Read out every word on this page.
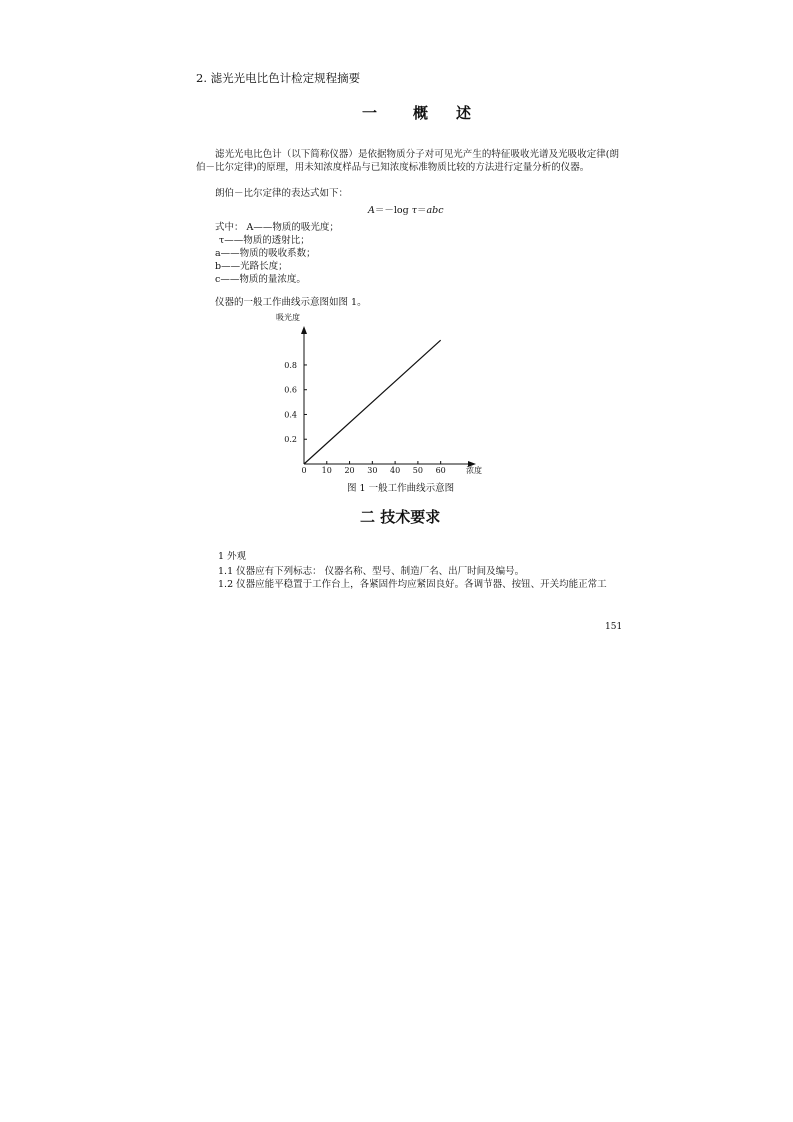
2. 滤光光电比色计检定规程摘要
一 概 述
滤光光电比色计（以下简称仪器）是依据物质分子对可见光产生的特征吸收光谱及光吸收定律(朗伯－比尔定律)的原理，用未知浓度样品与已知浓度标准物质比较的方法进行定量分析的仪器。
朗伯－比尔定律的表达式如下：
A＝－log τ＝abc
式中： A——物质的吸光度；
τ——物质的透射比；
a——物质的吸收系数；
b——光路长度；
c——物质的量浓度。
仪器的一般工作曲线示意图如图 1。
0 10 20 30 40 50 60
0.2
0.4
0.6
0.8
吸光度
浓度
图 1 一般工作曲线示意图
二 技术要求
1 外观
1.1 仪器应有下列标志： 仪器名称、型号、制造厂名、出厂时间及编号。
1.2 仪器应能平稳置于工作台上，各紧固件均应紧固良好。各调节器、按钮、开关均能正常工
151
